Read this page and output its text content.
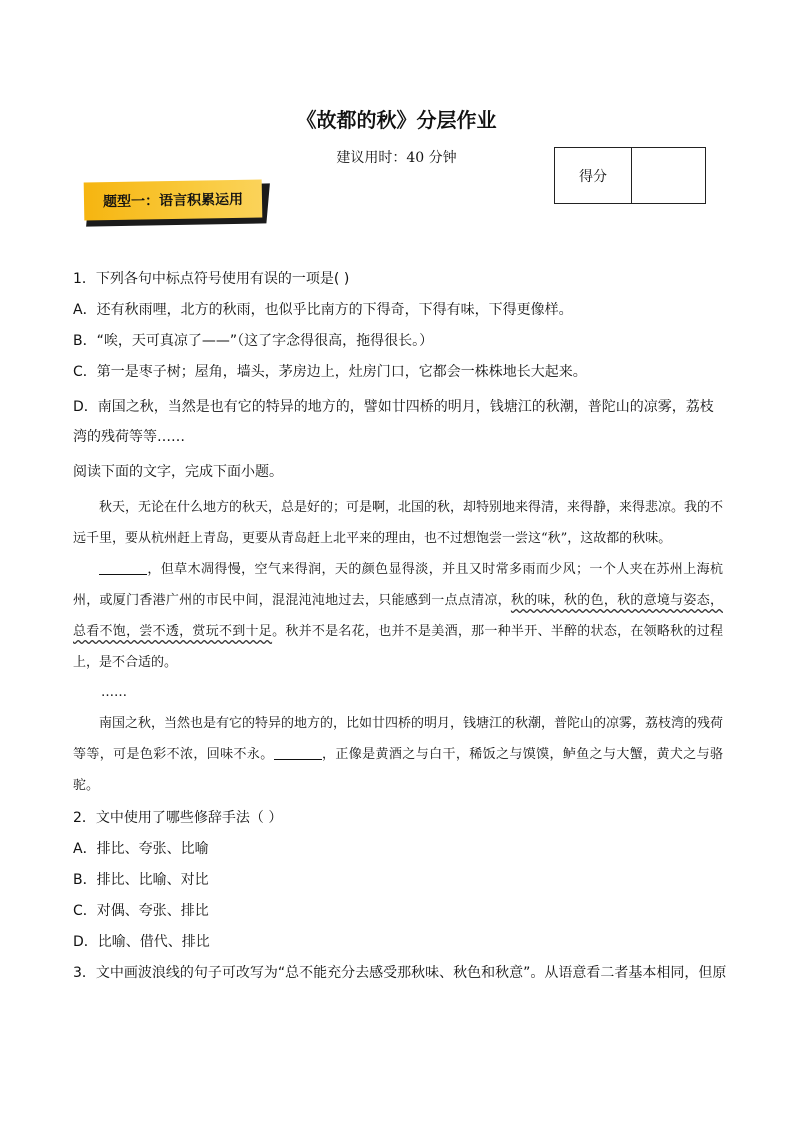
《故都的秋》分层作业
建议用时：40 分钟
得分
题型一：语言积累运用
1．下列各句中标点符号使用有误的一项是( )
A．还有秋雨哩，北方的秋雨，也似乎比南方的下得奇，下得有味，下得更像样。
B．“唉，天可真凉了——”（这了字念得很高，拖得很长。）
C．第一是枣子树；屋角，墙头，茅房边上，灶房门口，它都会一株株地长大起来。
D．南国之秋，当然是也有它的特异的地方的，譬如廿四桥的明月，钱塘江的秋潮，普陀山的凉雾，荔枝湾的残荷等等……
阅读下面的文字，完成下面小题。

秋天，无论在什么地方的秋天，总是好的；可是啊，北国的秋，却特别地来得清，来得静，来得悲凉。我的不远千里，要从杭州赶上青岛，更要从青岛赶上北平来的理由，也不过想饱尝一尝这“秋”，这故都的秋味。

，但草木凋得慢，空气来得润，天的颜色显得淡，并且又时常多雨而少风；一个人夹在苏州上海杭州，或厦门香港广州的市民中间，混混沌沌地过去，只能感到一点点清凉，秋的味，秋的色，秋的意境与姿态，总看不饱，尝不透，赏玩不到十足。秋并不是名花，也并不是美酒，那一种半开、半醉的状态，在领略秋的过程上，是不合适的。

……

南国之秋，当然也是有它的特异的地方的，比如廿四桥的明月，钱塘江的秋潮，普陀山的凉雾，荔枝湾的残荷等等，可是色彩不浓，回味不永。	，正像是黄酒之与白干，稀饭之与馍馍，鲈鱼之与大蟹，黄犬之与骆驼。

2．文中使用了哪些修辞手法（ ）
A．排比、夸张、比喻
B．排比、比喻、对比
C．对偶、夸张、排比
D．比喻、借代、排比
3．文中画波浪线的句子可改写为“总不能充分去感受那秋味、秋色和秋意”。从语意看二者基本相同，但原
